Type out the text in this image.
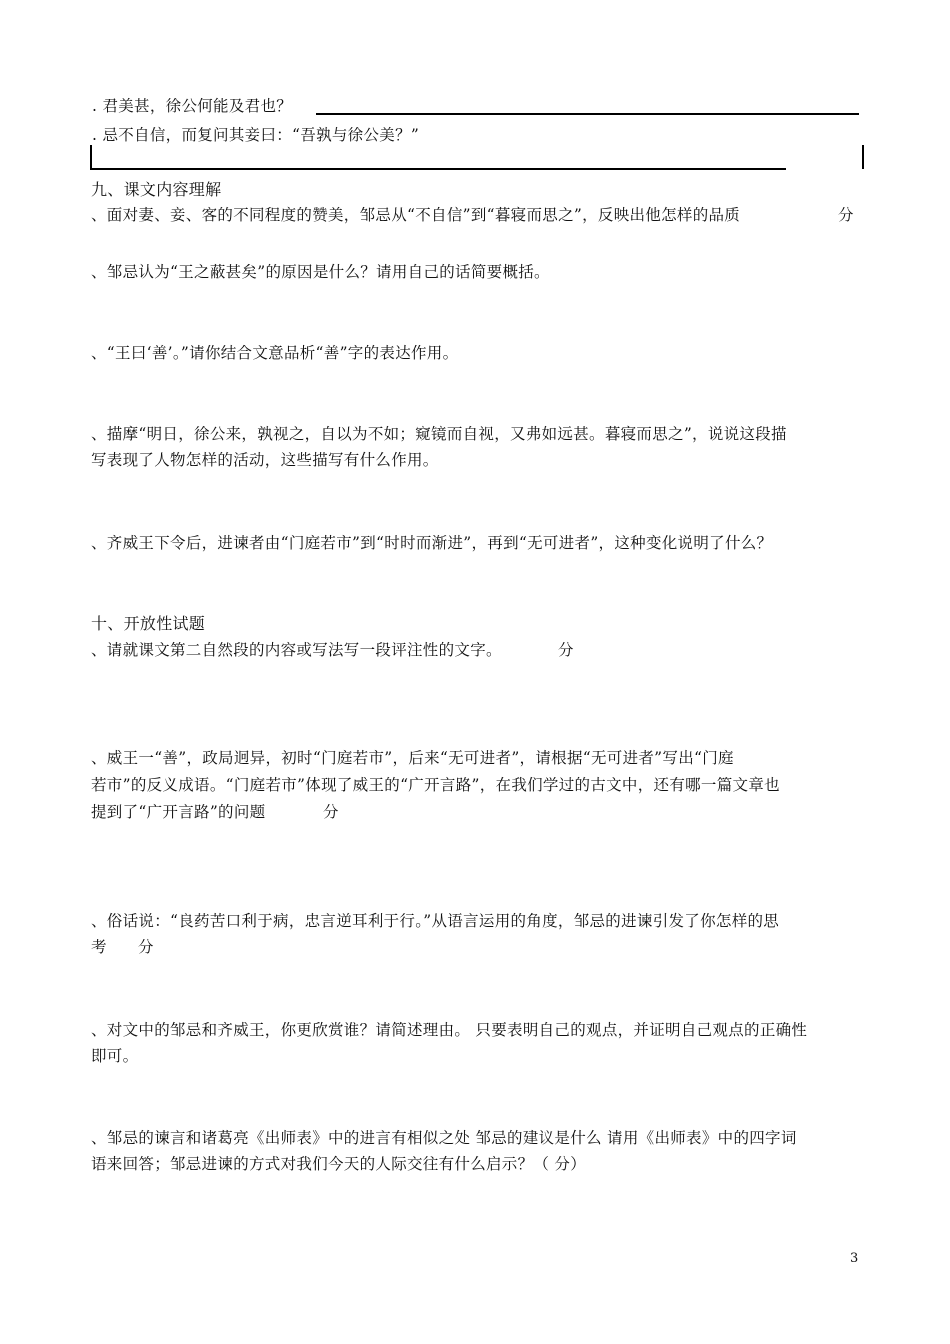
. 君美甚，徐公何能及君也？
. 忌不自信，而复问其妾曰：“吾孰与徐公美？”
九、课文内容理解
、面对妻、妾、客的不同程度的赞美，邹忌从“不自信”到“暮寝而思之”，反映出他怎样的品质	分
、邹忌认为“王之蔽甚矣”的原因是什么？请用自己的话简要概括。
、“王曰‘善’。”请你结合文意品析“善”字的表达作用。
、描摩“明日，徐公来，孰视之，自以为不如；窥镜而自视，又弗如远甚。暮寝而思之”，说说这段描
写表现了人物怎样的活动，这些描写有什么作用。
、齐威王下令后，进谏者由“门庭若市”到“时时而渐进”，再到“无可进者”，这种变化说明了什么？
十、开放性试题
、请就课文第二自然段的内容或写法写一段评注性的文字。	分
、威王一“善”，政局迥异，初时“门庭若市”，后来“无可进者”，请根据“无可进者”写出“门庭
若市”的反义成语。“门庭若市”体现了威王的“广开言路”，在我们学过的古文中，还有哪一篇文章也
提到了“广开言路”的问题	分
、俗话说：“良药苦口利于病，忠言逆耳利于行。”从语言运用的角度，邹忌的进谏引发了你怎样的思
考 分
、对文中的邹忌和齐威王，你更欣赏谁？请简述理由。 只要表明自己的观点，并证明自己观点的正确性
即可。
、邹忌的谏言和诸葛亮《出师表》中的进言有相似之处 邹忌的建议是什么 请用《出师表》中的四字词
语来回答；邹忌进谏的方式对我们今天的人际交往有什么启示？（ 分）
3
